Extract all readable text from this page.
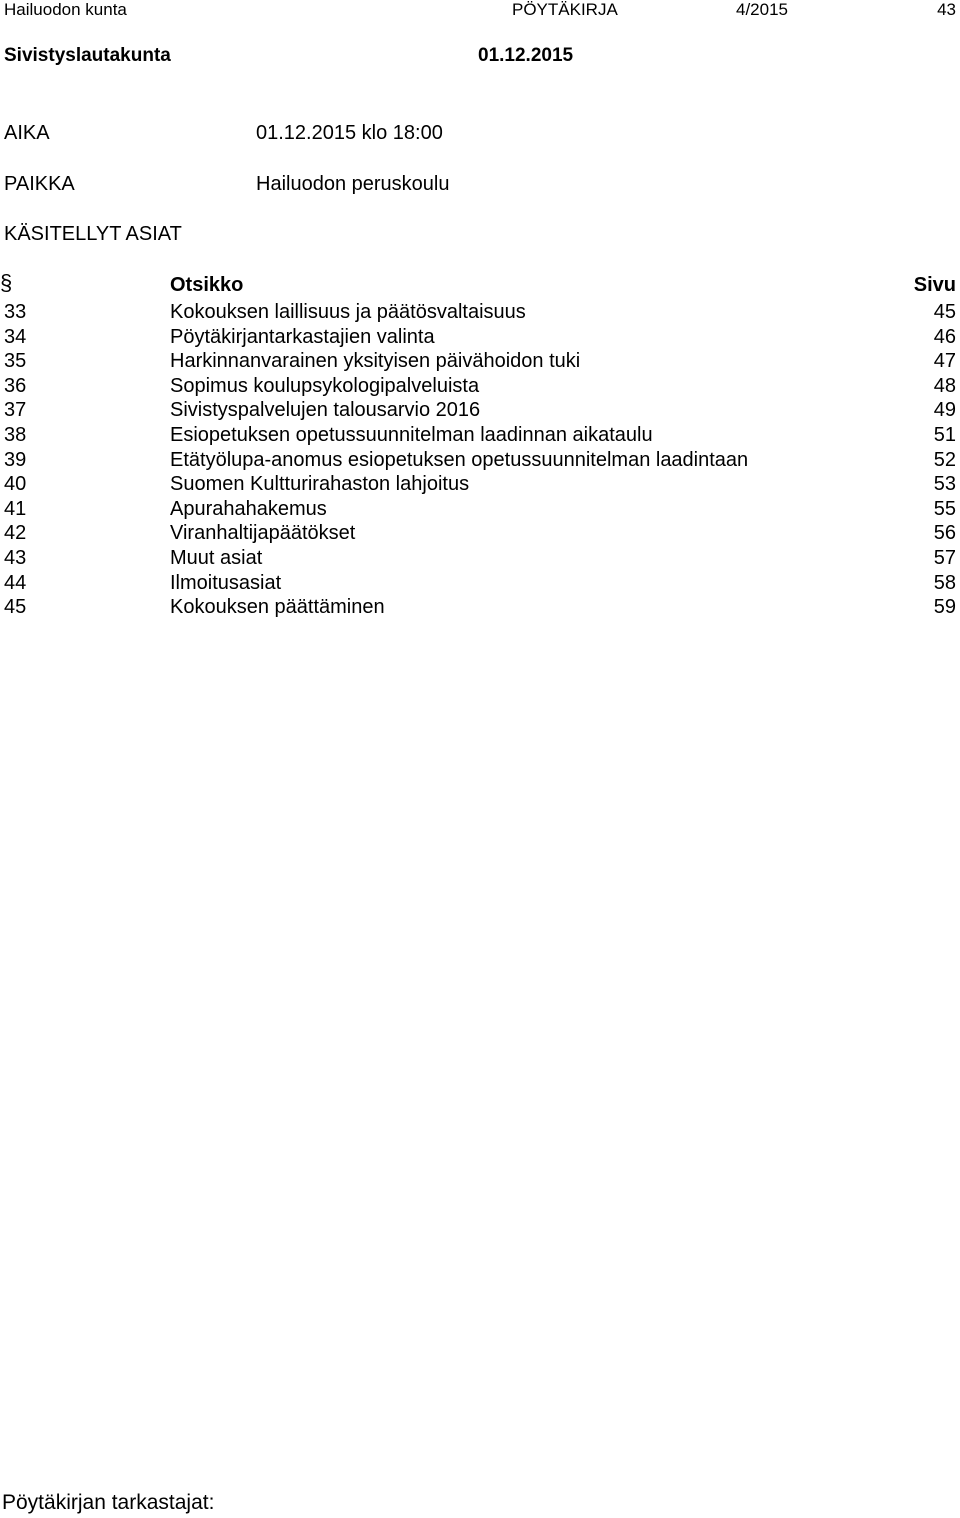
Hailuodon kunta	PÖYTÄKIRJA	4/2015	43
Sivistyslautakunta	01.12.2015
AIKA	01.12.2015 klo 18:00
PAIKKA	Hailuodon peruskoulu
KÄSITELLYT ASIAT
§	Otsikko	Sivu
33	Kokouksen laillisuus ja päätösvaltaisuus	45
34	Pöytäkirjantarkastajien valinta	46
35	Harkinnanvarainen yksityisen päivähoidon tuki	47
36	Sopimus koulupsykologipalveluista	48
37	Sivistyspalvelujen talousarvio 2016	49
38	Esiopetuksen opetussuunnitelman laadinnan aikataulu	51
39	Etätyölupa-anomus esiopetuksen opetussuunnitelman laadintaan	52
40	Suomen Kultturirahaston lahjoitus	53
41	Apurahahakemus	55
42	Viranhaltijapäätökset	56
43	Muut asiat	57
44	Ilmoitusasiat	58
45	Kokouksen päättäminen	59
Pöytäkirjan tarkastajat:
